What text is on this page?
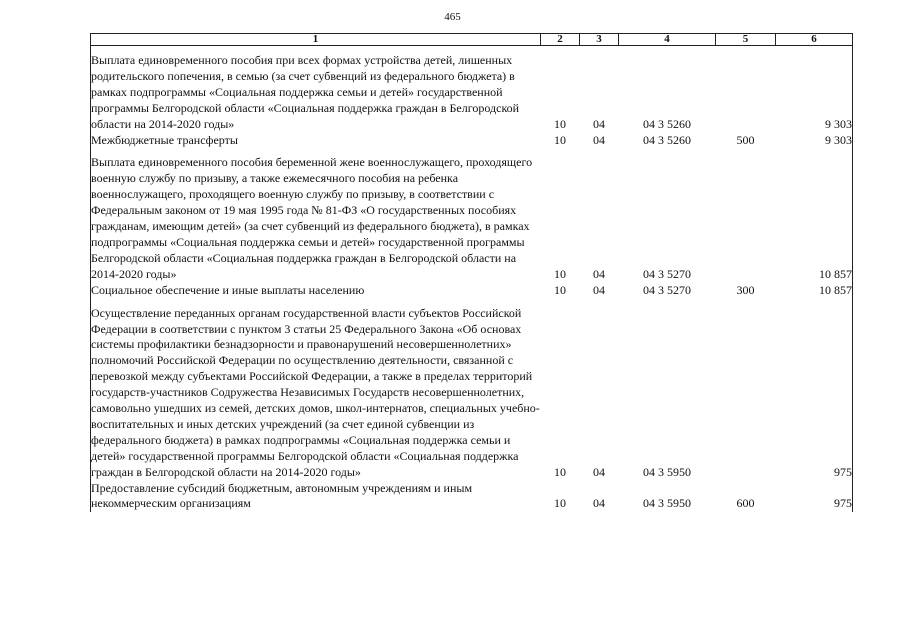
465
1	2	3	4	5	6

Выплата единовременного пособия при всех формах устройства детей, лишенных родительского попечения, в семью (за счет субвенций из федерального бюджета) в рамках подпрограммы «Социальная поддержка семьи и детей» государственной программы Белгородской области «Социальная поддержка граждан в Белгородской области на 2014-2020 годы»	10	04	04 3 5260		9 303
Межбюджетные трансферты	10	04	04 3 5260	500	9 303

Выплата единовременного пособия беременной жене военнослужащего, проходящего военную службу по призыву, а также ежемесячного пособия на ребенка военнослужащего, проходящего военную службу по призыву, в соответствии с Федеральным законом от 19 мая 1995 года № 81-ФЗ «О государственных пособиях гражданам, имеющим детей» (за счет субвенций из федерального бюджета), в рамках подпрограммы «Социальная поддержка семьи и детей» государственной программы Белгородской области «Социальная поддержка граждан в Белгородской области на 2014-2020 годы»	10	04	04 3 5270		10 857
Социальное обеспечение и иные выплаты населению	10	04	04 3 5270	300	10 857

Осуществление переданных органам государственной власти субъектов Российской Федерации в соответствии с пунктом 3 статьи 25 Федерального Закона «Об основах системы профилактики безнадзорности и правонарушений несовершеннолетних» полномочий Российской Федерации по осуществлению деятельности, связанной с перевозкой между субъектами Российской Федерации, а также в пределах территорий государств-участников Содружества Независимых Государств несовершеннолетних, самовольно ушедших из семей, детских домов, школ-интернатов, специальных учебно-воспитательных и иных детских учреждений (за счет единой субвенции из федерального бюджета) в рамках подпрограммы «Социальная поддержка семьи и детей» государственной программы Белгородской области «Социальная поддержка граждан в Белгородской области на 2014-2020 годы»	10	04	04 3 5950		975
Предоставление субсидий бюджетным, автономным учреждениям и иным некоммерческим организациям	10	04	04 3 5950	600	975
